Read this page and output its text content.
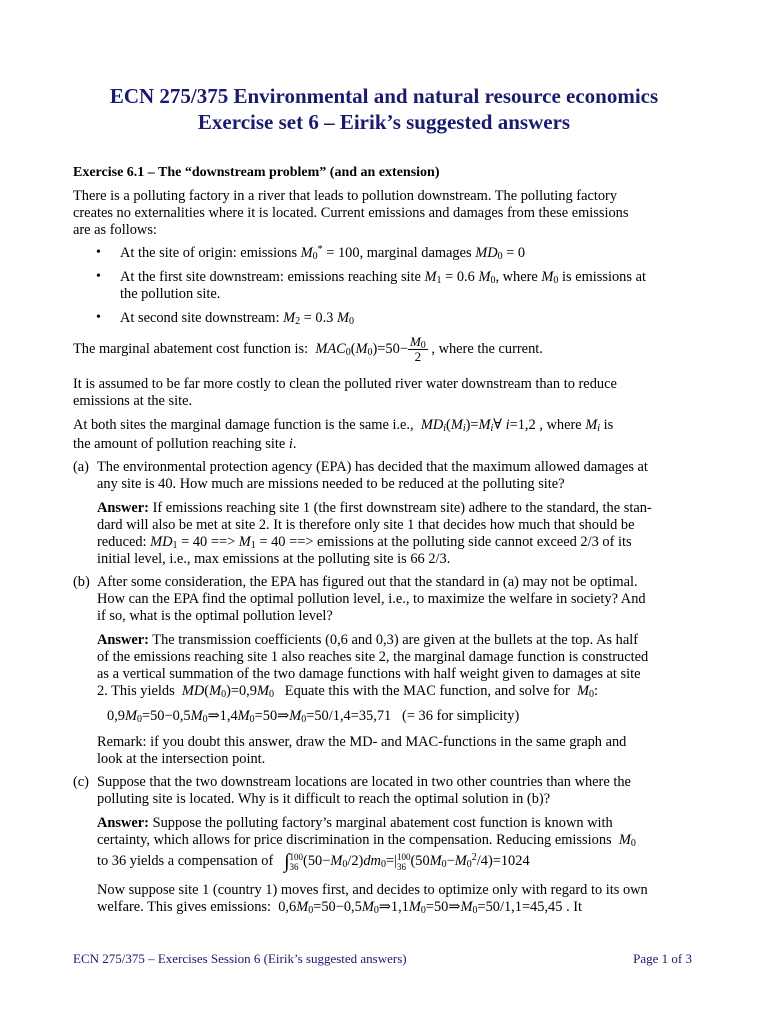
ECN 275/375 Environmental and natural resource economics
Exercise set 6 – Eirik’s suggested answers
Exercise 6.1 – The “downstream problem” (and an extension)
There is a polluting factory in a river that leads to pollution downstream. The polluting factory
creates no externalities where it is located. Current emissions and damages from these emissions
are as follows:
• At the site of origin: emissions $M_0^* = 100$, marginal damages $MD_0 = 0$
• At the first site downstream: emissions reaching site $M_1 = 0.6$ $M_0$, where $M_0$ is emissions at
the pollution site.
• At second site downstream: $M_2 = 0.3$ $M_0$
The marginal abatement cost function is: $MAC_0(M_0)=50- \frac{M_0}{2}$ , where the current.
It is assumed to be far more costly to clean the polluted river water downstream than to reduce
emissions at the site.
At both sites the marginal damage function is the same i.e., $MD_i(M_i)=M_i\forall$ i=1,2 , where $M_i$ is
the amount of pollution reaching site i.
(a) The environmental protection agency (EPA) has decided that the maximum allowed damages at
any site is 40. How much are missions needed to be reduced at the polluting site?
Answer: If emissions reaching site 1 (the first downstream site) adhere to the standard, the stan-
dard will also be met at site 2. It is therefore only site 1 that decides how much that should be
reduced: $MD_1 = 40$ ==> $M_1 = 40$ ==> emissions at the polluting side cannot exceed 2/3 of its
initial level, i.e., max emissions at the polluting site is 66 2/3.
(b) After some consideration, the EPA has figured out that the standard in (a) may not be optimal.
How can the EPA find the optimal pollution level, i.e., to maximize the welfare in society? And
if so, what is the optimal pollution level?
Answer: The transmission coefficients (0,6 and 0,3) are given at the bullets at the top. As half
of the emissions reaching site 1 also reaches site 2, the marginal damage function is constructed
as a vertical summation of the two damage functions with half weight given to damages at site
2. This yields $MD(M_0)=0,9M_0$ Equate this with the MAC function, and solve for $M_0$:
$0,9M_0=50-0,5M_0\Rightarrow 1,4M_0=50\Rightarrow M_0=50/1,4=35,71$ (= 36 for simplicity)
Remark: if you doubt this answer, draw the MD- and MAC-functions in the same graph and
look at the intersection point.
(c) Suppose that the two downstream locations are located in two other countries than where the
polluting site is located. Why is it difficult to reach the optimal solution in (b)?
Answer: Suppose the polluting factory’s marginal abatement cost function is known with
certainty, which allows for price discrimination in the compensation. Reducing emissions $M_0$
to 36 yields a compensation of ∫100
36 $(50-M_0/2)dm_0=|100$
36 $(50M_0-M_0^2/4)=1024$
Now suppose site 1 (country 1) moves first, and decides to optimize only with regard to its own
welfare. This gives emissions: $0,6M_0=50-0,5M_0\Rightarrow 1,1M_0=50\Rightarrow M_0=50/1,1=45,45$ . It
ECN 275/375 – Exercises Session 6 (Eirik’s suggested answers)	Page 1 of 3
